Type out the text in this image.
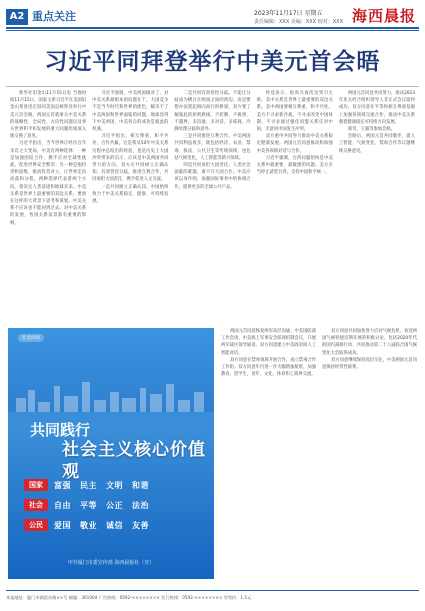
A2 重点关注	2023年11月17日 星期五
责任编辑：XXX 美编：XXX 校对：XXX 海西晨报
习近平同拜登举行中美元首会晤

新华社旧金山11月15日电 当地时间11月15日，国家主席习近平在美国旧金山斐洛里庄园同美国总统拜登举行中美元首会晤。两国元首就事关中美关系的战略性、全局性、方向性问题以及事关世界和平和发展的重大问题坦诚深入地交换了意见。

习近平指出，当今世界正经历百年未有之大变局，中美有两种选择：一种是加强团结合作，携手应对全球性挑战，促进世界安全繁荣；另一种是抱持零和思维，挑动阵营对立，让世界走向动荡和分裂。两种选择代表着两个方向，将决定人类前途和地球未来。中美关系是世界上最重要的双边关系，要放在这样的大背景下思考和谋划。中美关系不应该也不能回到过去，对中美关系的发展，各国关系前景都有重要的影响。

习近平强调，中美两国做对了，对中美关系最根本的问题在于，大国竞争不是当今时代和世界的底色，解决不了中美两国和世界面临的问题。地球容得下中美两国，中美各自的成功是彼此的机遇。

习近平指出，相互尊重、和平共处、合作共赢，这是我从50年中美关系历程中总结出的经验，也是历史上大国冲突带来的启示，应该是中美两国共同努力的方向。双方应共同树立正确认知，有效管控分歧，推进互利合作，共同承担大国责任，携手促进人文交流。

一是共同树立正确认知。中国始终致力于中美关系稳定、健康、可持续发展。

二是共同有效管控分歧。不能让分歧成为横亘在两国之间的鸿沟，而是要想办法架起相向而行的桥梁。双方要了解彼此的原则底线，不折腾、不挑事、不越界，多沟通、多对话、多磋商，冷静处理分歧和意外。

三是共同推进互利合作。中美两国共同利益很多，既包括经济、农业、禁毒、执法、公共卫生等传统领域，也包括气候变化、人工智能等新兴领域。

四是共同承担大国责任。人类社会面临的难题，离不开大国合作。中美应该以身作则，加强国际事务中的协调合作，提供更多的全球公共产品。

拜登表示，很高兴再次见到习主席。美中关系是世界上最重要的双边关系。美中两国要相互尊重，和平共处。美方不寻求新冷战，不寻求改变中国体制，不寻求通过强化同盟关系反对中国，无意同中国发生冲突。

双方重申共同努力推动中美关系稳定健康发展。两国元首同意推动和加强中美各领域对话与合作。

习近平强调，台湾问题始终是中美关系中最重要、最敏感的问题。美方应当停止武装台湾，支持中国和平统一。

两国元首同意共同努力，推动2023年亚太经合组织领导人非正式会议取得成功。双方同意在平等和相互尊重基础上加强各领域交流合作，推动中美关系朝着健康稳定可持续方向发展。

蔡奇、王毅等参加会晤。

会晤后，两国元首共同散步，就人工智能、气候变化、禁毒合作等议题继续交换意见。

社会风尚
共同践行
社会主义核心价值观
国家	富强 民主 文明 和谐
社会	自由 平等 公正 法治
公民	爱国 敬业 诚信 友善
中共厦门市委宣传部 海西晨报社（宣）

两国元首同意恢复两军高层沟通、中美国防部工作会谈、中美海上军事安全磋商机制会议，开展两军战区领导通话。双方同意建立中美政府间人工智能对话。

双方同意在禁毒领域开展合作，成立禁毒合作工作组。双方同意年内进一步大幅增加航班，加强教育、留学生、青年、文化、体育和工商界交流。

双方同意共同加快努力应对气候危机，欢迎两国气候特使近期开展的积极讨论，包括2020年代的国内减排行动、共同推动第二十八届联合国气候变化大会取得成功。

双方同意继续保持高层交往，中美两国元首同意保持经常性联系。

本报地址：厦门市湖滨东路××号 邮编：361004 广告热线：0592-×××××××× 发行热线：0592-×××××××× 零售价：1.5元
